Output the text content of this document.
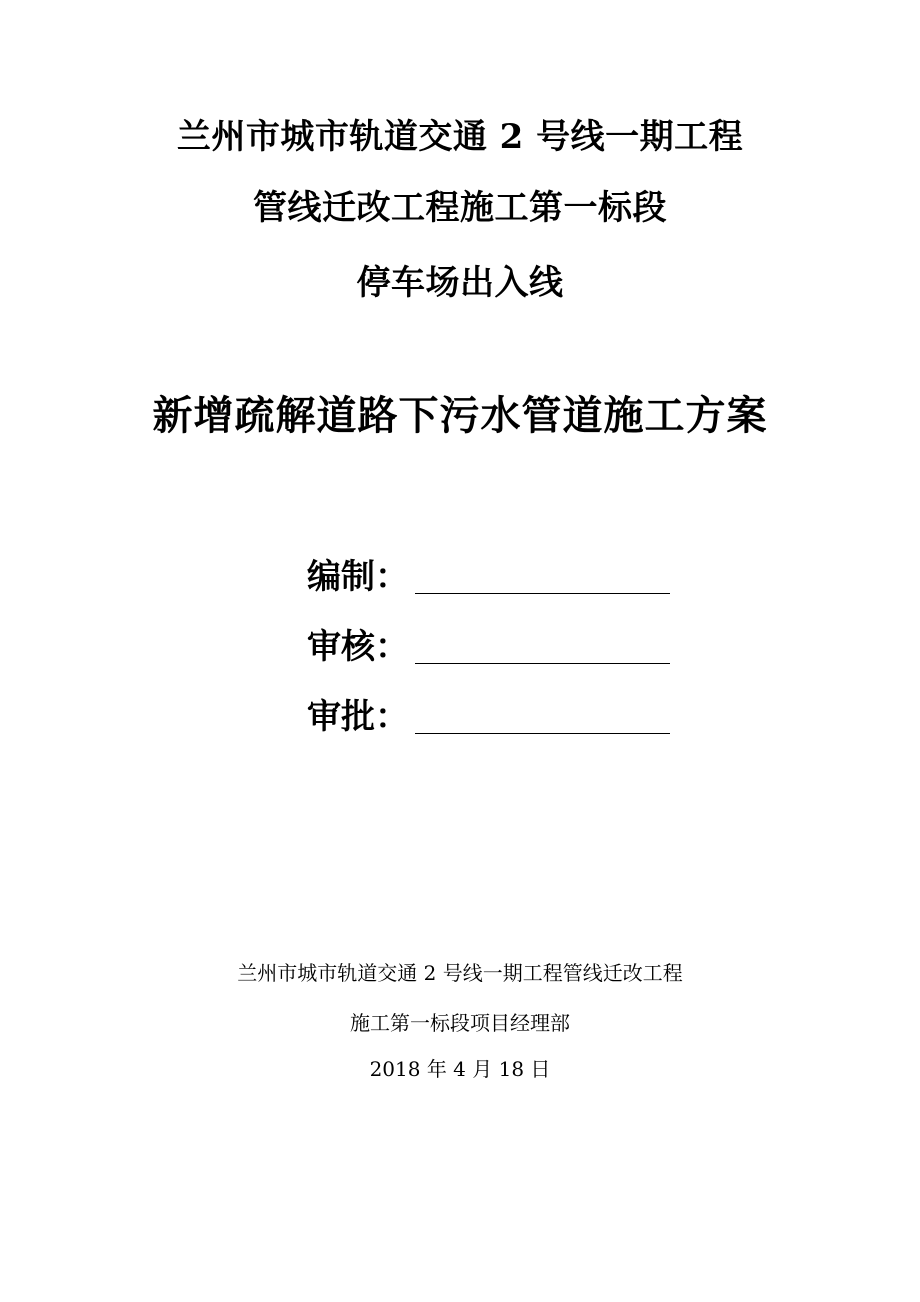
兰州市城市轨道交通 2 号线一期工程
管线迁改工程施工第一标段
停车场出入线
新增疏解道路下污水管道施工方案
编制：
审核：
审批：
兰州市城市轨道交通 2 号线一期工程管线迁改工程
施工第一标段项目经理部
2018 年 4 月 18 日
